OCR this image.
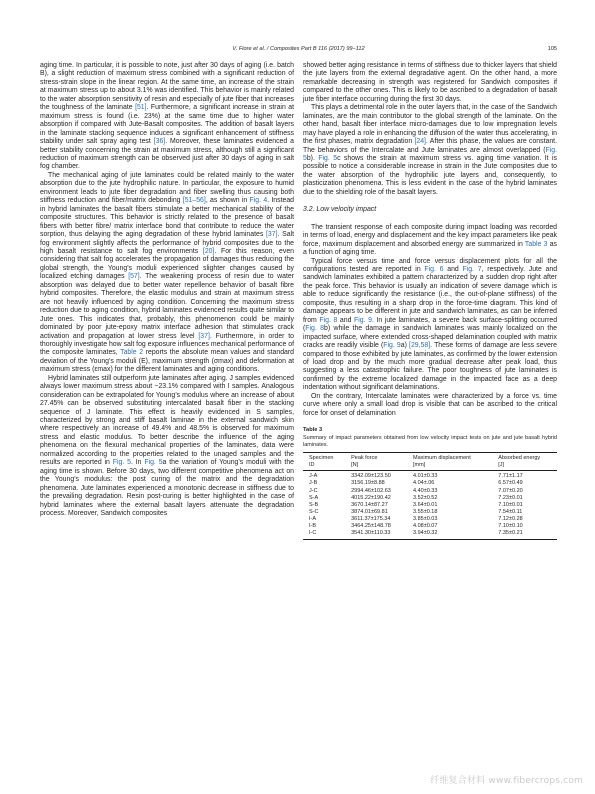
V. Fiore et al. / Composites Part B 116 (2017) 99–112	105

aging time. In particular, it is possible to note, just after 30 days of aging (i.e. batch B), a slight reduction of maximum stress combined with a significant reduction of stress-strain slope in the linear region. At the same time, an increase of the strain at maximum stress up to about 3.1% was identified. This behavior is mainly related to the water absorption sensitivity of resin and especially of jute fiber that increases the toughness of the laminate [51]. Furthermore, a significant increase in strain at maximum stress is found (i.e. 23%) at the same time due to higher water absorption if compared with Jute-Basalt composites. The addition of basalt layers in the laminate stacking sequence induces a significant enhancement of stiffness stability under salt spray aging test [36]. Moreover, these laminates evidenced a better stability concerning the strain at maximum stress, although still a significant reduction of maximum strength can be observed just after 30 days of aging in salt fog chamber.

The mechanical aging of jute laminates could be related mainly to the water absorption due to the jute hydrophilic nature. In particular, the exposure to humid environment leads to jute fiber degradation and fiber swelling thus causing both stiffness reduction and fiber/matrix debonding [51–56], as shown in Fig. 4. Instead in hybrid laminates the basalt fibers stimulate a better mechanical stability of the composite structures. This behavior is strictly related to the presence of basalt fibers with better fibre/ matrix interface bond that contribute to reduce the water sorption, thus delaying the aging degradation of these hybrid laminates [37]. Salt fog environment slightly affects the performance of hybrid composites due to the high basalt resistance to salt fog environments [20]. For this reason, even considering that salt fog accelerates the propagation of damages thus reducing the global strength, the Young’s moduli experienced slighter changes caused by localized etching damages [57]. The weakening process of resin due to water absorption was delayed due to better water repellence behavior of basalt fibre hybrid composites. Therefore, the elastic modulus and strain at maximum stress are not heavily influenced by aging condition. Concerning the maximum stress reduction due to aging condition, hybrid laminates evidenced results quite similar to Jute ones. This indicates that, probably, this phenomenon could be mainly dominated by poor jute-epoxy matrix interface adhesion that stimulates crack activation and propagation at lower stress level [37]. Furthermore, in order to thoroughly investigate how salt fog exposure influences mechanical performance of the composite laminates, Table 2 reports the absolute mean values and standard deviation of the Young’s moduli (E), maximum strength (σmax) and deformation at maximum stress (εmax) for the different laminates and aging conditions.

Hybrid laminates still outperform jute laminates after aging. J samples evidenced always lower maximum stress about −23.1% compared with I samples. Analogous consideration can be extrapolated for Young’s modulus where an increase of about 27.45% can be observed substituting intercalated basalt fiber in the stacking sequence of J laminate. This effect is heavily evidenced in S samples, characterized by strong and stiff basalt laminae in the external sandwich skin where respectively an increase of 49.4% and 48.5% is observed for maximum stress and elastic modulus. To better describe the influence of the aging phenomena on the flexural mechanical properties of the laminates, data were normalized according to the properties related to the unaged samples and the results are reported in Fig. 5. In Fig. 5a the variation of Young’s moduli with the aging time is shown. Before 30 days, two different competitive phenomena act on the Young’s modulus: the post curing of the matrix and the degradation phenomena. Jute laminates experienced a monotonic decrease in stiffness due to the prevailing degradation. Resin post-curing is better highlighted in the case of hybrid laminates where the external basalt layers attenuate the degradation process. Moreover, Sandwich composites

showed better aging resistance in terms of stiffness due to thicker layers that shield the jute layers from the external degradative agent. On the other hand, a more remarkable decreasing in strength was registered for Sandwich composites if compared to the other ones. This is likely to be ascribed to a degradation of basalt jute fiber interface occurring during the first 30 days.

This plays a detrimental role in the outer layers that, in the case of the Sandwich laminates, are the main contributor to the global strength of the laminate. On the other hand, basalt fiber interface micro-damages due to low impregnation levels may have played a role in enhancing the diffusion of the water thus accelerating, in the first phases, matrix degradation [24]. After this phase, the values are constant. The behaviors of the Intercalate and Jute laminates are almost overlapped (Fig. 5b). Fig. 5c shows the strain at maximum stress vs. aging time variation. It is possible to notice a considerable increase in strain in the Jute composites due to the water absorption of the hydrophilic jute layers and, consequently, to plasticization phenomena. This is less evident in the case of the hybrid laminates due to the shielding role of the basalt layers.

3.2. Low velocity impact

The transient response of each composite during impact loading was recorded in terms of load, energy and displacement and the key impact parameters like peak force, maximum displacement and absorbed energy are summarized in Table 3 as a function of aging time.

Typical force versus time and force versus displacement plots for all the configurations tested are reported in Fig. 6 and Fig. 7, respectively. Jute and sandwich laminates exhibited a pattern characterized by a sudden drop right after the peak force. This behavior is usually an indication of severe damage which is able to reduce significantly the resistance (i.e., the out-of-plane stiffness) of the composite, thus resulting in a sharp drop in the force-time diagram. This kind of damage appears to be different in jute and sandwich laminates, as can be inferred from Fig. 8 and Fig. 9. In jute laminates, a severe back surface-splitting occurred (Fig. 8b) while the damage in sandwich laminates was mainly localized on the impacted surface, where extended cross-shaped delamination coupled with matrix cracks are readily visible (Fig. 9a) [29,58]. These forms of damage are less severe compared to those exhibited by jute laminates, as confirmed by the lower extension of load drop and by the much more gradual decrease after peak load, thus suggesting a less catastrophic failure. The poor toughness of jute laminates is confirmed by the extreme localized damage in the impacted face as a deep indentation without significant delaminations.

On the contrary, Intercalate laminates were characterized by a force vs. time curve where only a small load drop is visible that can be ascribed to the critical force for onset of delamination

Table 3
Summary of impact parameters obtained from low velocity impact tests on jute and jute basalt hybrid laminates.
Specimen	Peak force	Maximum displacement	Absorbed energy
ID	[N]	[mm]	[J]
J-A	3342.09±123.50	4.01±0.33	7.71±1.17
J-B	3156.19±8.88	4.04±.06	6.57±0.49
J-C	2994.46±102.63	4.40±0.33	7.07±0.20
S-A	4015.22±190.42	3.52±0.52	7.23±0.01
S-B	3670.14±87.27	3.64±0.01	7.10±0.01
S-C	3874.01±69.81	3.55±0.18	7.54±0.11
I-A	3611.37±175.34	3.85±0.03	7.12±0.28
I-B	3464.25±148.78	4.08±0.07	7.10±0.10
I-C	3541.30±110.33	3.94±0.32	7.35±0.21
纤维复合材料 www.fibercrops.com
